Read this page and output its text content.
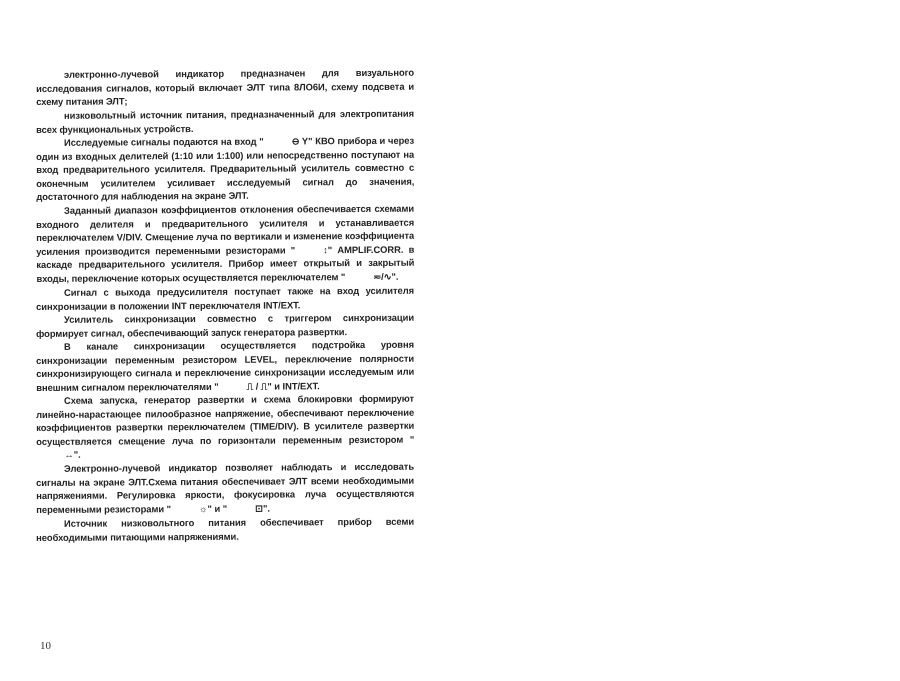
электронно-лучевой индикатор предназначен для визуального исследования сигналов, который включает ЭЛТ типа 8ЛО6И, схему подсвета и схему питания ЭЛТ;

низковольтный источник питания, предназначенный для электропитания всех функциональных устройств.

Исследуемые сигналы подаются на вход "	⊖ Y" КВО прибора и через один из входных делителей (1:10 или 1:100) или непосредственно поступают на вход предварительного усилителя. Предварительный усилитель совместно с оконечным усилителем усиливает исследуемый сигнал до значения, достаточного для наблюдения на экране ЭЛТ.

Заданный диапазон коэффициентов отклонения обеспечивается схемами входного делителя и предварительного усилителя и устанавливается переключателем V/DIV. Смещение луча по вертикали и изменение коэффициента усиления производится переменными резисторами "	↕" AMPLIF.CORR. в каскаде предварительного усилителя. Прибор имеет открытый и закрытый входы, переключение которых осуществляется переключателем "	≂/∿".

Сигнал с выхода предусилителя поступает также на вход усилителя синхронизации в положении INT переключателя INT/EXT.

Усилитель синхронизации совместно с триггером синхронизации формирует сигнал, обеспечивающий запуск генератора развертки.

В канале синхронизации осуществляется подстройка уровня синхронизации переменным резистором LEVEL, переключение полярности синхронизирующего сигнала и переключение синхронизации исследуемым или внешним сигналом переключателями "	⎍ / ⎍" и INT/EXT.

Схема запуска, генератор развертки и схема блокировки формируют линейно-нарастающее пилообразное напряжение, обеспечивают переключение коэффициентов развертки переключателем (TIME/DIV). В усилителе развертки осуществляется смещение луча по горизонтали переменным резистором "↔".

Электронно-лучевой индикатор позволяет наблюдать и исследовать сигналы на экране ЭЛТ.Схема питания обеспечивает ЭЛТ всеми необходимыми напряжениями. Регулировка яркости, фокусировка луча осуществляются переменными резисторами "	☼" и "	⊡".

Источник низковольтного питания обеспечивает прибор всеми необходимыми питающими напряжениями.

10
